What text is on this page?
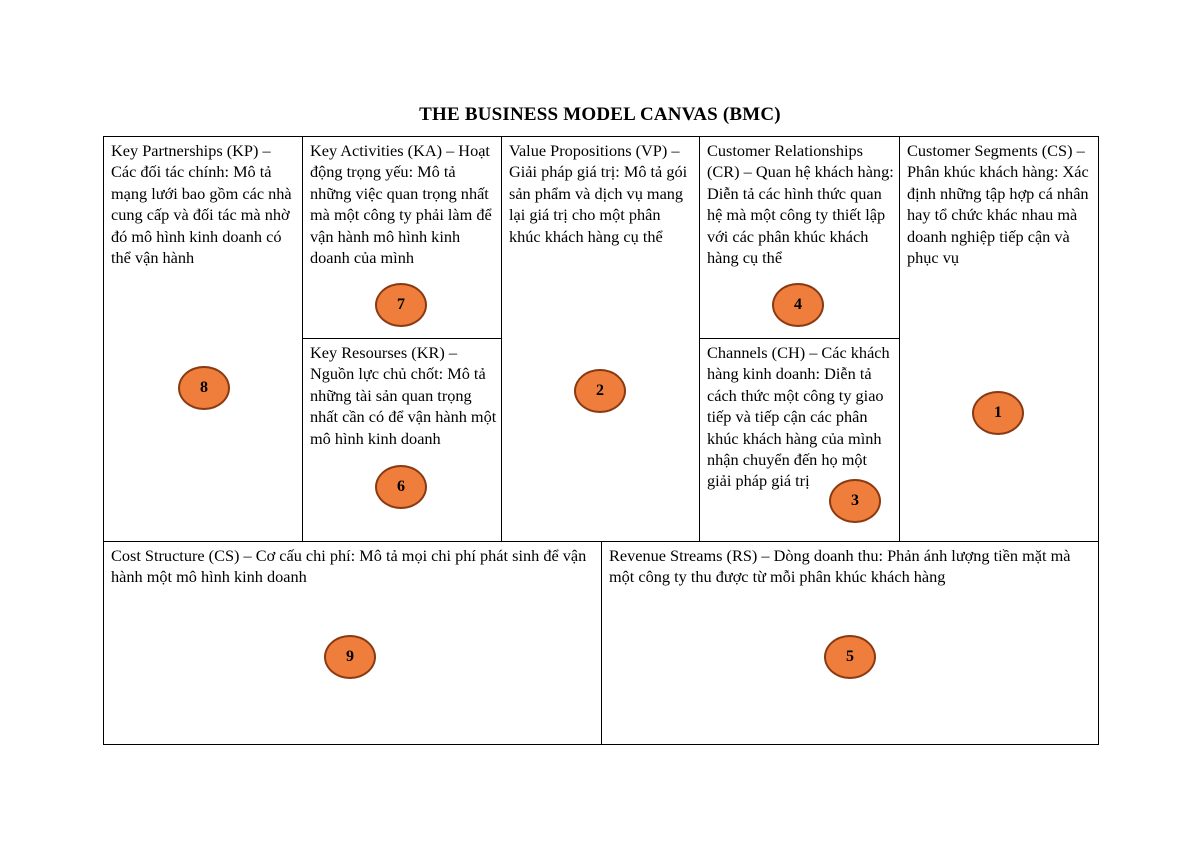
THE BUSINESS MODEL CANVAS (BMC)
Key Partnerships (KP) – Các đối tác chính: Mô tả mạng lưới bao gồm các nhà cung cấp và đối tác mà nhờ đó mô hình kinh doanh có thể vận hành
8
Key Activities (KA) – Hoạt động trọng yếu: Mô tả những việc quan trọng nhất mà một công ty phải làm để vận hành mô hình kinh doanh của mình
7
Key Resourses (KR) – Nguồn lực chủ chốt: Mô tả những tài sản quan trọng nhất cần có để vận hành một mô hình kinh doanh
6
Value Propositions (VP) – Giải pháp giá trị: Mô tả gói sản phẩm và dịch vụ mang lại giá trị cho một phân khúc khách hàng cụ thể
2
Customer Relationships (CR) – Quan hệ khách hàng: Diễn tả các hình thức quan hệ mà một công ty thiết lập với các phân khúc khách hàng cụ thể
4
Channels (CH) – Các khách hàng kinh doanh: Diễn tả cách thức một công ty giao tiếp và tiếp cận các phân khúc khách hàng của mình nhận chuyển đến họ một giải pháp giá trị
3
Customer Segments (CS) – Phân khúc khách hàng: Xác định những tập hợp cá nhân hay tổ chức khác nhau mà doanh nghiệp tiếp cận và phục vụ
1
Cost Structure (CS) – Cơ cấu chi phí: Mô tả mọi chi phí phát sinh để vận hành một mô hình kinh doanh
9
Revenue Streams (RS) – Dòng doanh thu: Phản ánh lượng tiền mặt mà một công ty thu được từ mỗi phân khúc khách hàng
5
